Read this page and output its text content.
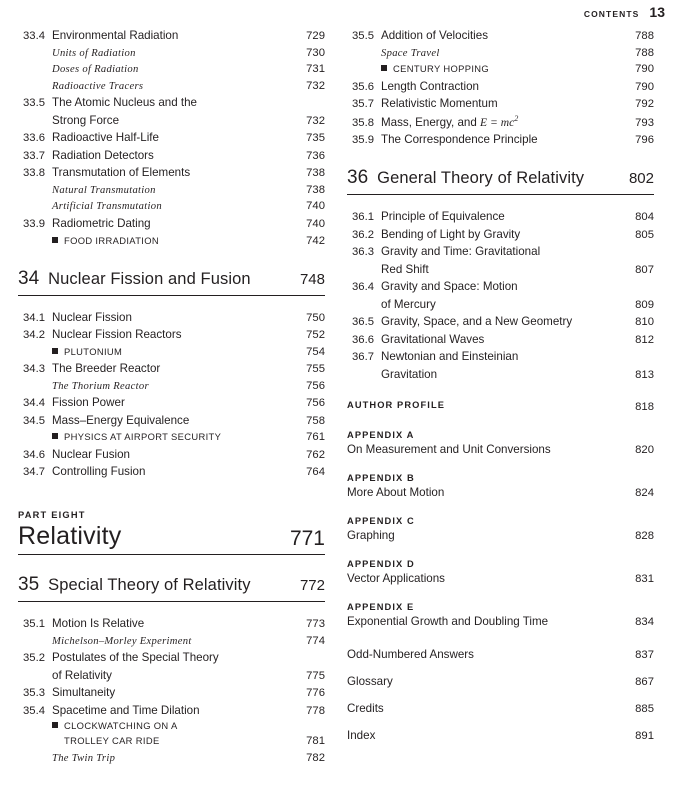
CONTENTS 13
33.4 Environmental Radiation	729
Units of Radiation	730
Doses of Radiation	731
Radioactive Tracers	732
33.5 The Atomic Nucleus and the
Strong Force	732
33.6 Radioactive Half-Life	735
33.7 Radiation Detectors	736
33.8 Transmutation of Elements	738
Natural Transmutation	738
Artificial Transmutation	740
33.9 Radiometric Dating	740
FOOD IRRADIATION	742
34 Nuclear Fission and Fusion	748
34.1 Nuclear Fission	750
34.2 Nuclear Fission Reactors	752
PLUTONIUM	754
34.3 The Breeder Reactor	755
The Thorium Reactor	756
34.4 Fission Power	756
34.5 Mass–Energy Equivalence	758
PHYSICS AT AIRPORT SECURITY	761
34.6 Nuclear Fusion	762
34.7 Controlling Fusion	764
PART EIGHT
Relativity	771
35 Special Theory of Relativity	772
35.1 Motion Is Relative	773
Michelson–Morley Experiment	774
35.2 Postulates of the Special Theory
of Relativity	775
35.3 Simultaneity	776
35.4 Spacetime and Time Dilation	778
CLOCKWATCHING ON A
TROLLEY CAR RIDE	781
The Twin Trip	782
35.5 Addition of Velocities	788
Space Travel	788
CENTURY HOPPING	790
35.6 Length Contraction	790
35.7 Relativistic Momentum	792
35.8 Mass, Energy, and $E = mc^2$	793
35.9 The Correspondence Principle	796
36 General Theory of Relativity	802
36.1 Principle of Equivalence	804
36.2 Bending of Light by Gravity	805
36.3 Gravity and Time: Gravitational
Red Shift	807
36.4 Gravity and Space: Motion
of Mercury	809
36.5 Gravity, Space, and a New Geometry	810
36.6 Gravitational Waves	812
36.7 Newtonian and Einsteinian
Gravitation	813
AUTHOR PROFILE	818
APPENDIX A
On Measurement and Unit Conversions	820
APPENDIX B
More About Motion	824
APPENDIX C
Graphing	828
APPENDIX D
Vector Applications	831
APPENDIX E
Exponential Growth and Doubling Time	834
Odd-Numbered Answers	837
Glossary	867
Credits	885
Index	891
